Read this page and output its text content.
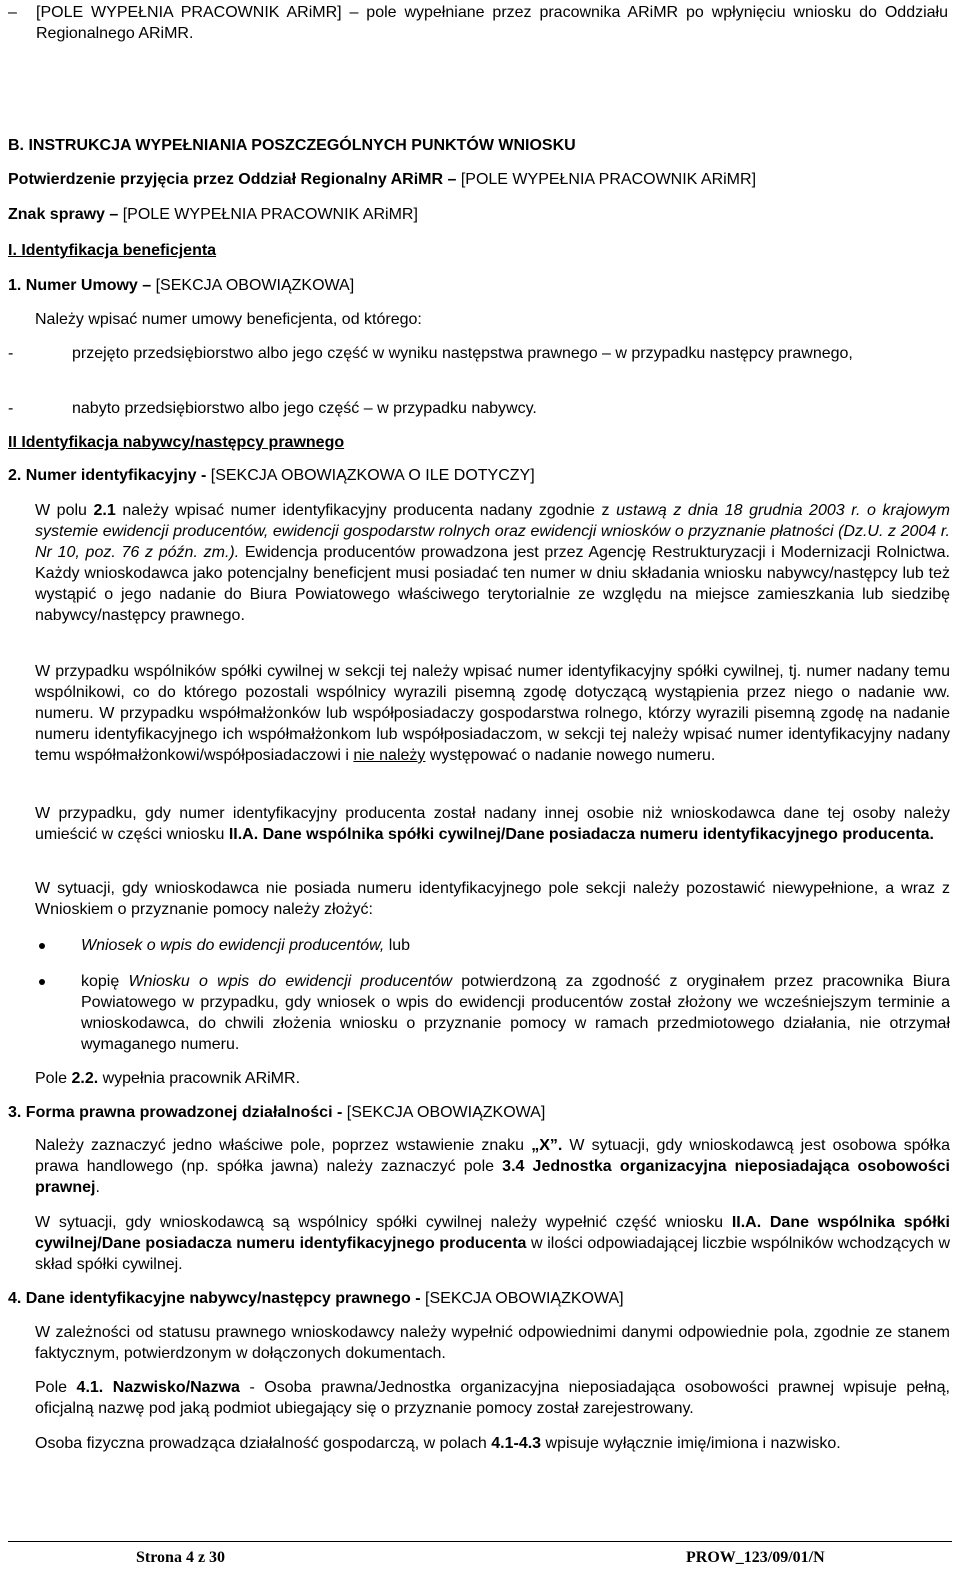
– [POLE WYPEŁNIA PRACOWNIK ARiMR] – pole wypełniane przez pracownika ARiMR po wpłynięciu wniosku do Oddziału Regionalnego ARiMR.
B. INSTRUKCJA WYPEŁNIANIA POSZCZEGÓLNYCH PUNKTÓW WNIOSKU
Potwierdzenie przyjęcia przez Oddział Regionalny ARiMR – [POLE WYPEŁNIA PRACOWNIK ARiMR]
Znak sprawy – [POLE WYPEŁNIA PRACOWNIK ARiMR]
I. Identyfikacja beneficjenta
1. Numer Umowy – [SEKCJA OBOWIĄZKOWA]
Należy wpisać numer umowy beneficjenta, od którego:
-	przejęto przedsiębiorstwo albo jego część w wyniku następstwa prawnego – w przypadku następcy prawnego,
-	nabyto przedsiębiorstwo albo jego część – w przypadku nabywcy.
II Identyfikacja nabywcy/następcy prawnego
2. Numer identyfikacyjny - [SEKCJA OBOWIĄZKOWA O ILE DOTYCZY]
W polu 2.1 należy wpisać numer identyfikacyjny producenta nadany zgodnie z ustawą z dnia 18 grudnia 2003 r. o krajowym systemie ewidencji producentów, ewidencji gospodarstw rolnych oraz ewidencji wniosków o przyznanie płatności (Dz.U. z 2004 r. Nr 10, poz. 76 z późn. zm.). Ewidencja producentów prowadzona jest przez Agencję Restrukturyzacji i Modernizacji Rolnictwa. Każdy wnioskodawca jako potencjalny beneficjent musi posiadać ten numer w dniu składania wniosku nabywcy/następcy lub też wystąpić o jego nadanie do Biura Powiatowego właściwego terytorialnie ze względu na miejsce zamieszkania lub siedzibę nabywcy/następcy prawnego.
W przypadku wspólników spółki cywilnej w sekcji tej należy wpisać numer identyfikacyjny spółki cywilnej, tj. numer nadany temu wspólnikowi, co do którego pozostali wspólnicy wyrazili pisemną zgodę dotyczącą wystąpienia przez niego o nadanie ww. numeru. W przypadku współmałżonków lub współposiadaczy gospodarstwa rolnego, którzy wyrazili pisemną zgodę na nadanie numeru identyfikacyjnego ich współmałżonkom lub współposiadaczom, w sekcji tej należy wpisać numer identyfikacyjny nadany temu współmałżonkowi/współposiadaczowi i nie należy występować o nadanie nowego numeru.
W przypadku, gdy numer identyfikacyjny producenta został nadany innej osobie niż wnioskodawca dane tej osoby należy umieścić w części wniosku II.A. Dane wspólnika spółki cywilnej/Dane posiadacza numeru identyfikacyjnego producenta.
W sytuacji, gdy wnioskodawca nie posiada numeru identyfikacyjnego pole sekcji należy pozostawić niewypełnione, a wraz z Wnioskiem o przyznanie pomocy należy złożyć:
Wniosek o wpis do ewidencji producentów, lub
kopię Wniosku o wpis do ewidencji producentów potwierdzoną za zgodność z oryginałem przez pracownika Biura Powiatowego w przypadku, gdy wniosek o wpis do ewidencji producentów został złożony we wcześniejszym terminie a wnioskodawca, do chwili złożenia wniosku o przyznanie pomocy w ramach przedmiotowego działania, nie otrzymał wymaganego numeru.
Pole 2.2. wypełnia pracownik ARiMR.
3. Forma prawna prowadzonej działalności - [SEKCJA OBOWIĄZKOWA]
Należy zaznaczyć jedno właściwe pole, poprzez wstawienie znaku „X”. W sytuacji, gdy wnioskodawcą jest osobowa spółka prawa handlowego (np. spółka jawna) należy zaznaczyć pole 3.4 Jednostka organizacyjna nieposiadająca osobowości prawnej.
W sytuacji, gdy wnioskodawcą są wspólnicy spółki cywilnej należy wypełnić część wniosku II.A. Dane wspólnika spółki cywilnej/Dane posiadacza numeru identyfikacyjnego producenta w ilości odpowiadającej liczbie wspólników wchodzących w skład spółki cywilnej.
4. Dane identyfikacyjne nabywcy/następcy prawnego - [SEKCJA OBOWIĄZKOWA]
W zależności od statusu prawnego wnioskodawcy należy wypełnić odpowiednimi danymi odpowiednie pola, zgodnie ze stanem faktycznym, potwierdzonym w dołączonych dokumentach.
Pole 4.1. Nazwisko/Nazwa - Osoba prawna/Jednostka organizacyjna nieposiadająca osobowości prawnej wpisuje pełną, oficjalną nazwę pod jaką podmiot ubiegający się o przyznanie pomocy został zarejestrowany.
Osoba fizyczna prowadząca działalność gospodarczą, w polach 4.1-4.3 wpisuje wyłącznie imię/imiona i nazwisko.
Strona 4 z 30	PROW_123/09/01/N
